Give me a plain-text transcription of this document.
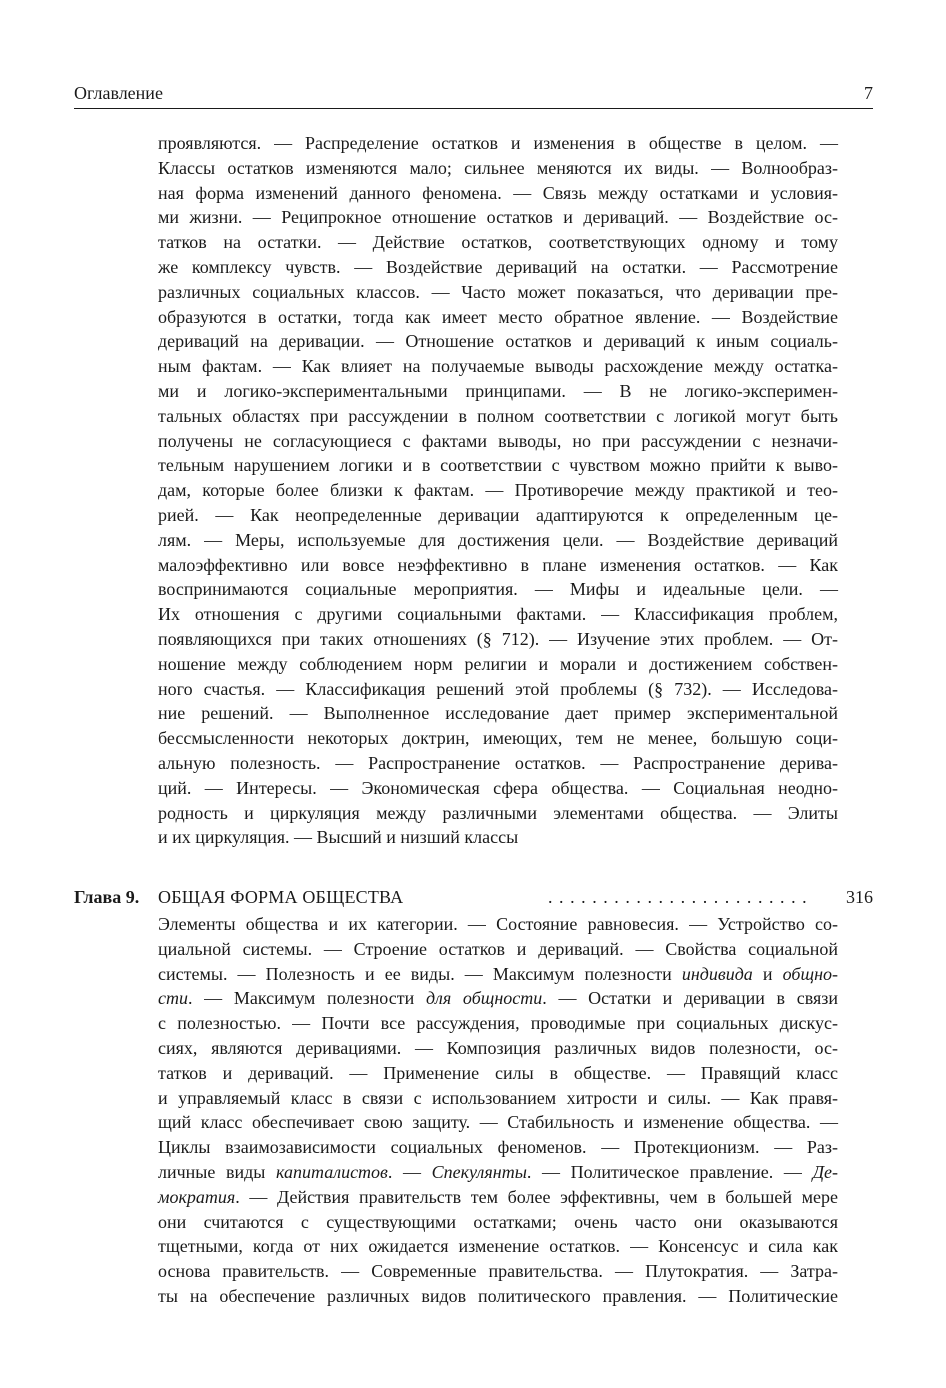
Оглавление	7
проявляются. — Распределение остатков и изменения в обществе в целом. —
Классы остатков изменяются мало; сильнее меняются их виды. — Волнообраз-
ная форма изменений данного феномена. — Связь между остатками и условия-
ми жизни. — Реципрокное отношение остатков и дериваций. — Воздействие ос-
татков на остатки. — Действие остатков, соответствующих одному и тому
же комплексу чувств. — Воздействие дериваций на остатки. — Рассмотрение
различных социальных классов. — Часто может показаться, что деривации пре-
образуются в остатки, тогда как имеет место обратное явление. — Воздействие
дериваций на деривации. — Отношение остатков и дериваций к иным социаль-
ным фактам. — Как влияет на получаемые выводы расхождение между остатка-
ми и логико-экспериментальными принципами. — В не логико-эксперимен-
тальных областях при рассуждении в полном соответствии с логикой могут быть
получены не согласующиеся с фактами выводы, но при рассуждении с незначи-
тельным нарушением логики и в соответствии с чувством можно прийти к выво-
дам, которые более близки к фактам. — Противоречие между практикой и тео-
рией. — Как неопределенные деривации адаптируются к определенным це-
лям. — Меры, используемые для достижения цели. — Воздействие дериваций
малоэффективно или вовсе неэффективно в плане изменения остатков. — Как
воспринимаются социальные мероприятия. — Мифы и идеальные цели. —
Их отношения с другими социальными фактами. — Классификация проблем,
появляющихся при таких отношениях (§ 712). — Изучение этих проблем. — От-
ношение между соблюдением норм религии и морали и достижением собствен-
ного счастья. — Классификация решений этой проблемы (§ 732). — Исследова-
ние решений. — Выполненное исследование дает пример экспериментальной
бессмысленности некоторых доктрин, имеющих, тем не менее, большую соци-
альную полезность. — Распространение остатков. — Распространение дерива-
ций. — Интересы. — Экономическая сфера общества. — Социальная неодно-
родность и циркуляция между различными элементами общества. — Элиты
и их циркуляция. — Высший и низший классы
Глава 9. ОБЩАЯ ФОРМА ОБЩЕСТВА	........................	316
Элементы общества и их категории. — Состояние равновесия. — Устройство со-
циальной системы. — Строение остатков и дериваций. — Свойства социальной
системы. — Полезность и ее виды. — Максимум полезности индивида и общно-
сти. — Максимум полезности для общности. — Остатки и деривации в связи
с полезностью. — Почти все рассуждения, проводимые при социальных дискус-
сиях, являются деривациями. — Композиция различных видов полезности, ос-
татков и дериваций. — Применение силы в обществе. — Правящий класс
и управляемый класс в связи с использованием хитрости и силы. — Как правя-
щий класс обеспечивает свою защиту. — Стабильность и изменение общества. —
Циклы взаимозависимости социальных феноменов. — Протекционизм. — Раз-
личные виды капиталистов. — Спекулянты. — Политическое правление. — Де-
мократия. — Действия правительств тем более эффективны, чем в большей мере
они считаются с существующими остатками; очень часто они оказываются
тщетными, когда от них ожидается изменение остатков. — Консенсус и сила как
основа правительств. — Современные правительства. — Плутократия. — Затра-
ты на обеспечение различных видов политического правления. — Политические
